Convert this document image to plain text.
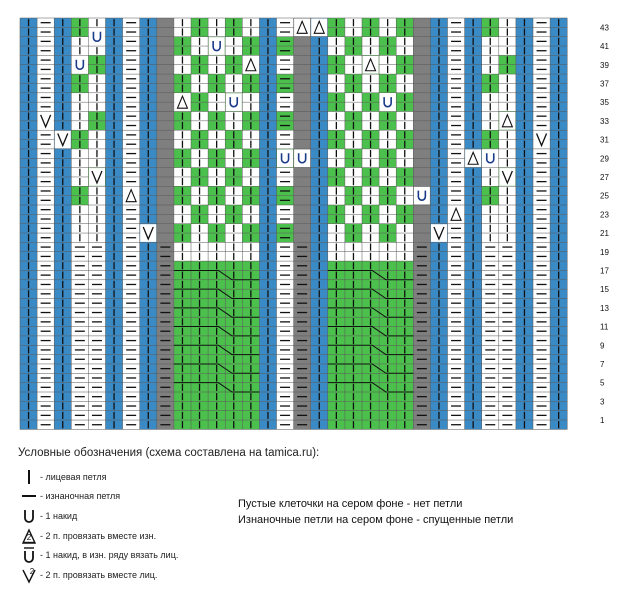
43
41
39
37
35
33
31
29
27
25
23
21
19
17
15
13
11
9
7
5
3
1
Условные обозначения (схема составлена на tamica.ru):
- лицевая петля
- изнаночная петля
- 1 накид
2 - 2 п. провязать вместе изн.
- 1 накид, в изн. ряду вязать лиц.
2 - 2 п. провязать вместе лиц.
Пустые клеточки на сером фоне - нет петли
Изнаночные петли на сером фоне - спущенные петли
